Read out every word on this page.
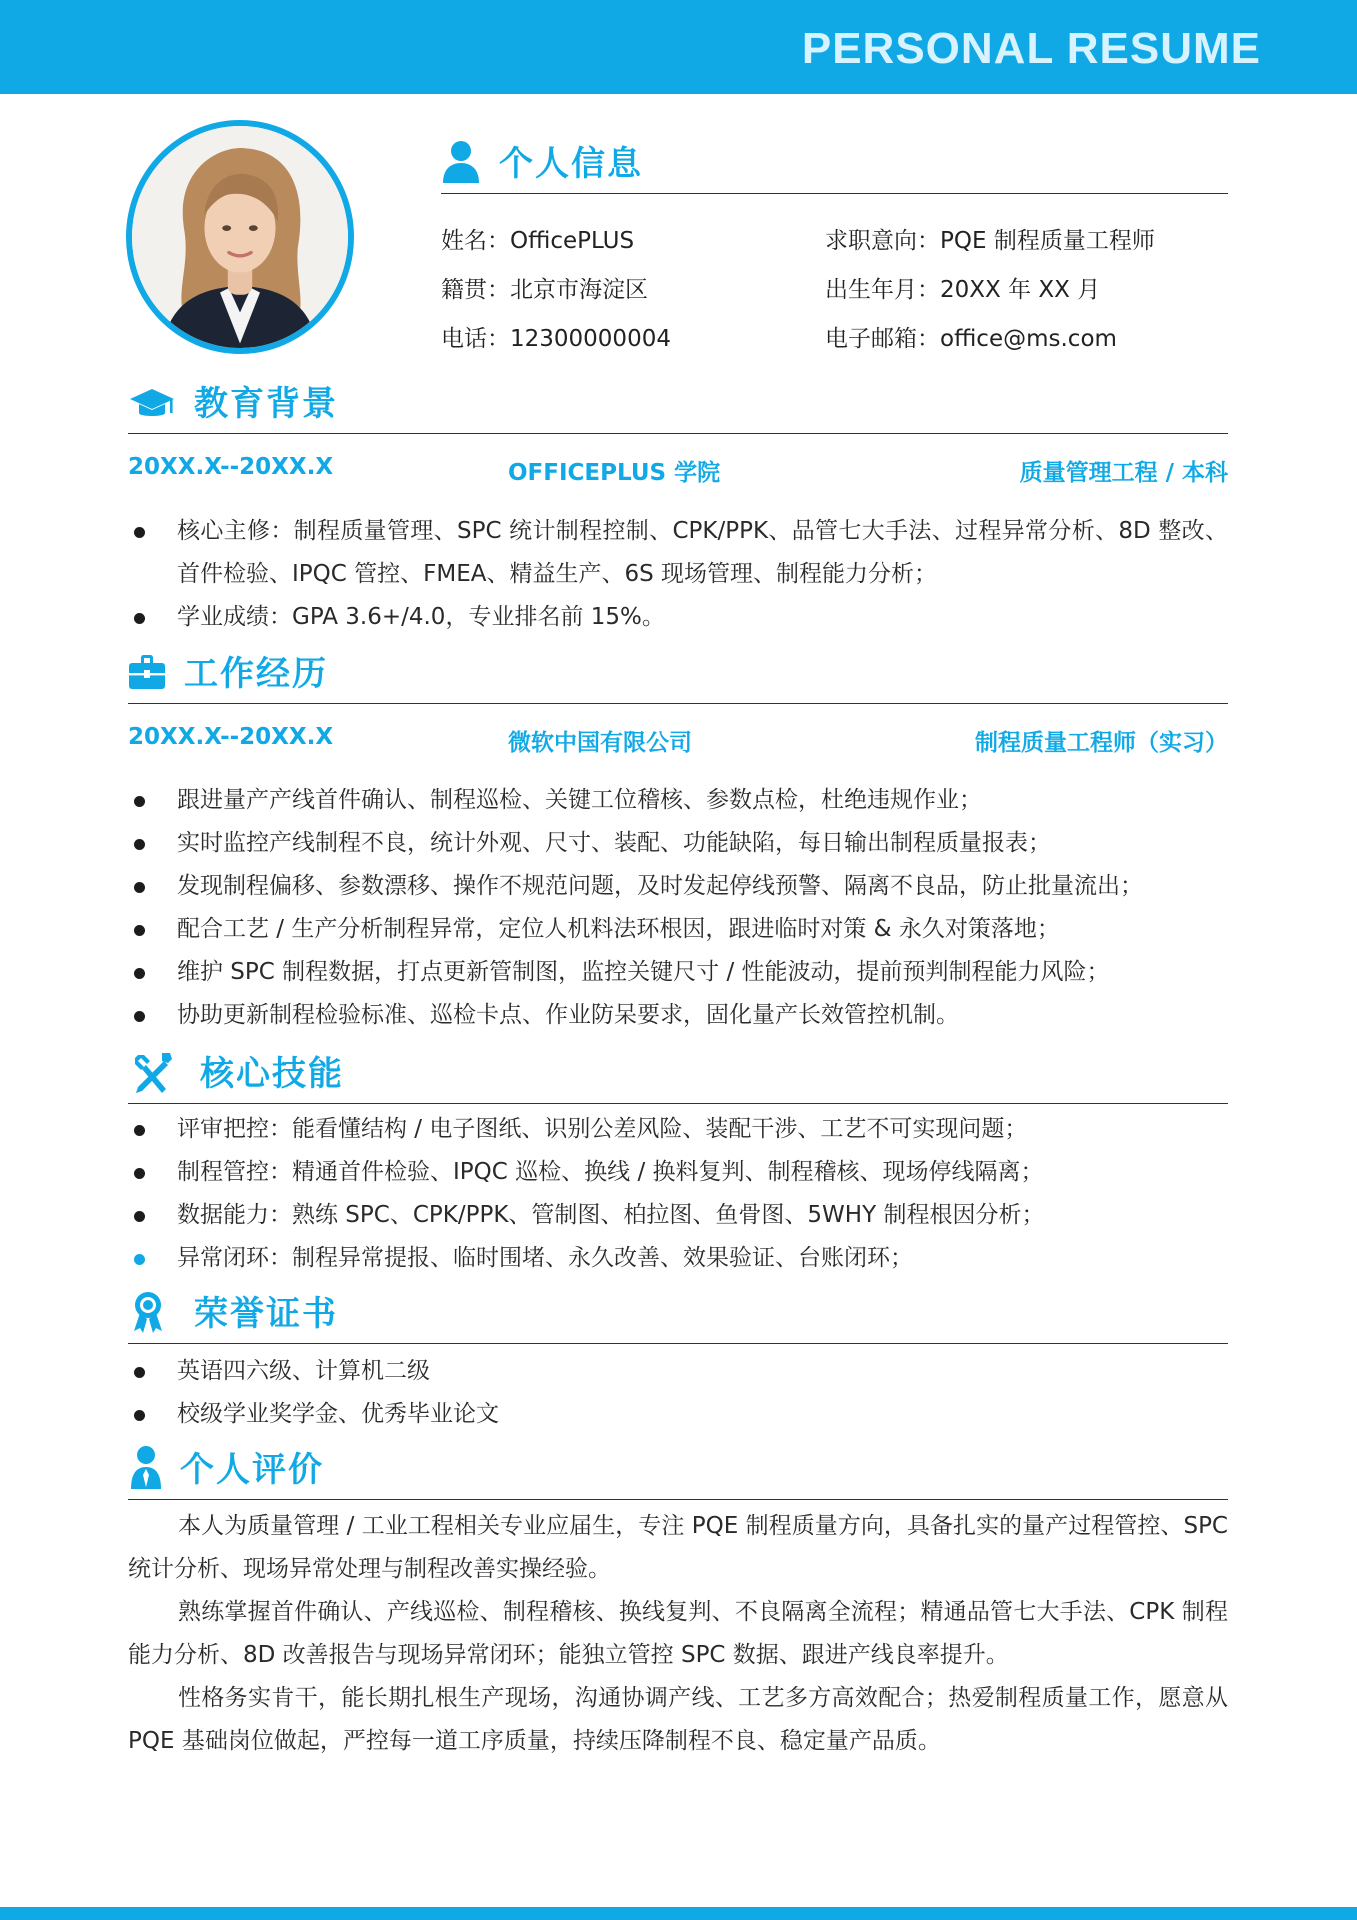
PERSONAL RESUME
个人信息
姓名：OfficePLUS	求职意向：PQE 制程质量工程师
籍贯：北京市海淀区	出生年月：20XX 年 XX 月
电话：12300000004	电子邮箱：office@ms.com
教育背景
20XX.X--20XX.X	OFFICEPLUS 学院	质量管理工程 / 本科
核心主修：制程质量管理、SPC 统计制程控制、CPK/PPK、品管七大手法、过程异常分析、8D 整改、首件检验、IPQC 管控、FMEA、精益生产、6S 现场管理、制程能力分析；
学业成绩：GPA 3.6+/4.0，专业排名前 15%。
工作经历
20XX.X--20XX.X	微软中国有限公司	制程质量工程师（实习）
跟进量产产线首件确认、制程巡检、关键工位稽核、参数点检，杜绝违规作业；
实时监控产线制程不良，统计外观、尺寸、装配、功能缺陷，每日输出制程质量报表；
发现制程偏移、参数漂移、操作不规范问题，及时发起停线预警、隔离不良品，防止批量流出；
配合工艺 / 生产分析制程异常，定位人机料法环根因，跟进临时对策 & 永久对策落地；
维护 SPC 制程数据，打点更新管制图，监控关键尺寸 / 性能波动，提前预判制程能力风险；
协助更新制程检验标准、巡检卡点、作业防呆要求，固化量产长效管控机制。
核心技能
评审把控：能看懂结构 / 电子图纸、识别公差风险、装配干涉、工艺不可实现问题；
制程管控：精通首件检验、IPQC 巡检、换线 / 换料复判、制程稽核、现场停线隔离；
数据能力：熟练 SPC、CPK/PPK、管制图、柏拉图、鱼骨图、5WHY 制程根因分析；
异常闭环：制程异常提报、临时围堵、永久改善、效果验证、台账闭环；
荣誉证书
英语四六级、计算机二级
校级学业奖学金、优秀毕业论文
个人评价

本人为质量管理 / 工业工程相关专业应届生，专注 PQE 制程质量方向，具备扎实的量产过程管控、SPC 统计分析、现场异常处理与制程改善实操经验。

熟练掌握首件确认、产线巡检、制程稽核、换线复判、不良隔离全流程；精通品管七大手法、CPK 制程能力分析、8D 改善报告与现场异常闭环；能独立管控 SPC 数据、跟进产线良率提升。

性格务实肯干，能长期扎根生产现场，沟通协调产线、工艺多方高效配合；热爱制程质量工作，愿意从 PQE 基础岗位做起，严控每一道工序质量，持续压降制程不良、稳定量产品质。
